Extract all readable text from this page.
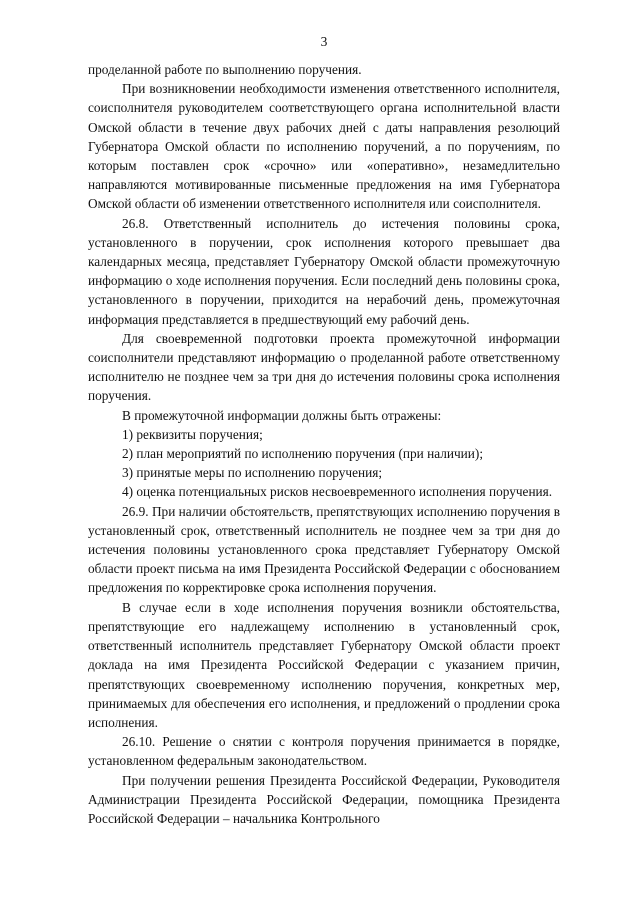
3

проделанной работе по выполнению поручения.

При возникновении необходимости изменения ответственного исполнителя, соисполнителя руководителем соответствующего органа исполнительной власти Омской области в течение двух рабочих дней с даты направления резолюций Губернатора Омской области по исполнению поручений, а по поручениям, по которым поставлен срок «срочно» или «оперативно», незамедлительно направляются мотивированные письменные предложения на имя Губернатора Омской области об изменении ответственного исполнителя или соисполнителя.

26.8. Ответственный исполнитель до истечения половины срока, установленного в поручении, срок исполнения которого превышает два календарных месяца, представляет Губернатору Омской области промежуточную информацию о ходе исполнения поручения. Если последний день половины срока, установленного в поручении, приходится на нерабочий день, промежуточная информация представляется в предшествующий ему рабочий день.

Для своевременной подготовки проекта промежуточной информации соисполнители представляют информацию о проделанной работе ответственному исполнителю не позднее чем за три дня до истечения половины срока исполнения поручения.

В промежуточной информации должны быть отражены:

1) реквизиты поручения;

2) план мероприятий по исполнению поручения (при наличии);

3) принятые меры по исполнению поручения;

4) оценка потенциальных рисков несвоевременного исполнения поручения.

26.9. При наличии обстоятельств, препятствующих исполнению поручения в установленный срок, ответственный исполнитель не позднее чем за три дня до истечения половины установленного срока представляет Губернатору Омской области проект письма на имя Президента Российской Федерации с обоснованием предложения по корректировке срока исполнения поручения.

В случае если в ходе исполнения поручения возникли обстоятельства, препятствующие его надлежащему исполнению в установленный срок, ответственный исполнитель представляет Губернатору Омской области проект доклада на имя Президента Российской Федерации с указанием причин, препятствующих своевременному исполнению поручения, конкретных мер, принимаемых для обеспечения его исполнения, и предложений о продлении срока исполнения.

26.10. Решение о снятии с контроля поручения принимается в порядке, установленном федеральным законодательством.

При получении решения Президента Российской Федерации, Руководителя Администрации Президента Российской Федерации, помощника Президента Российской Федерации – начальника Контрольного
